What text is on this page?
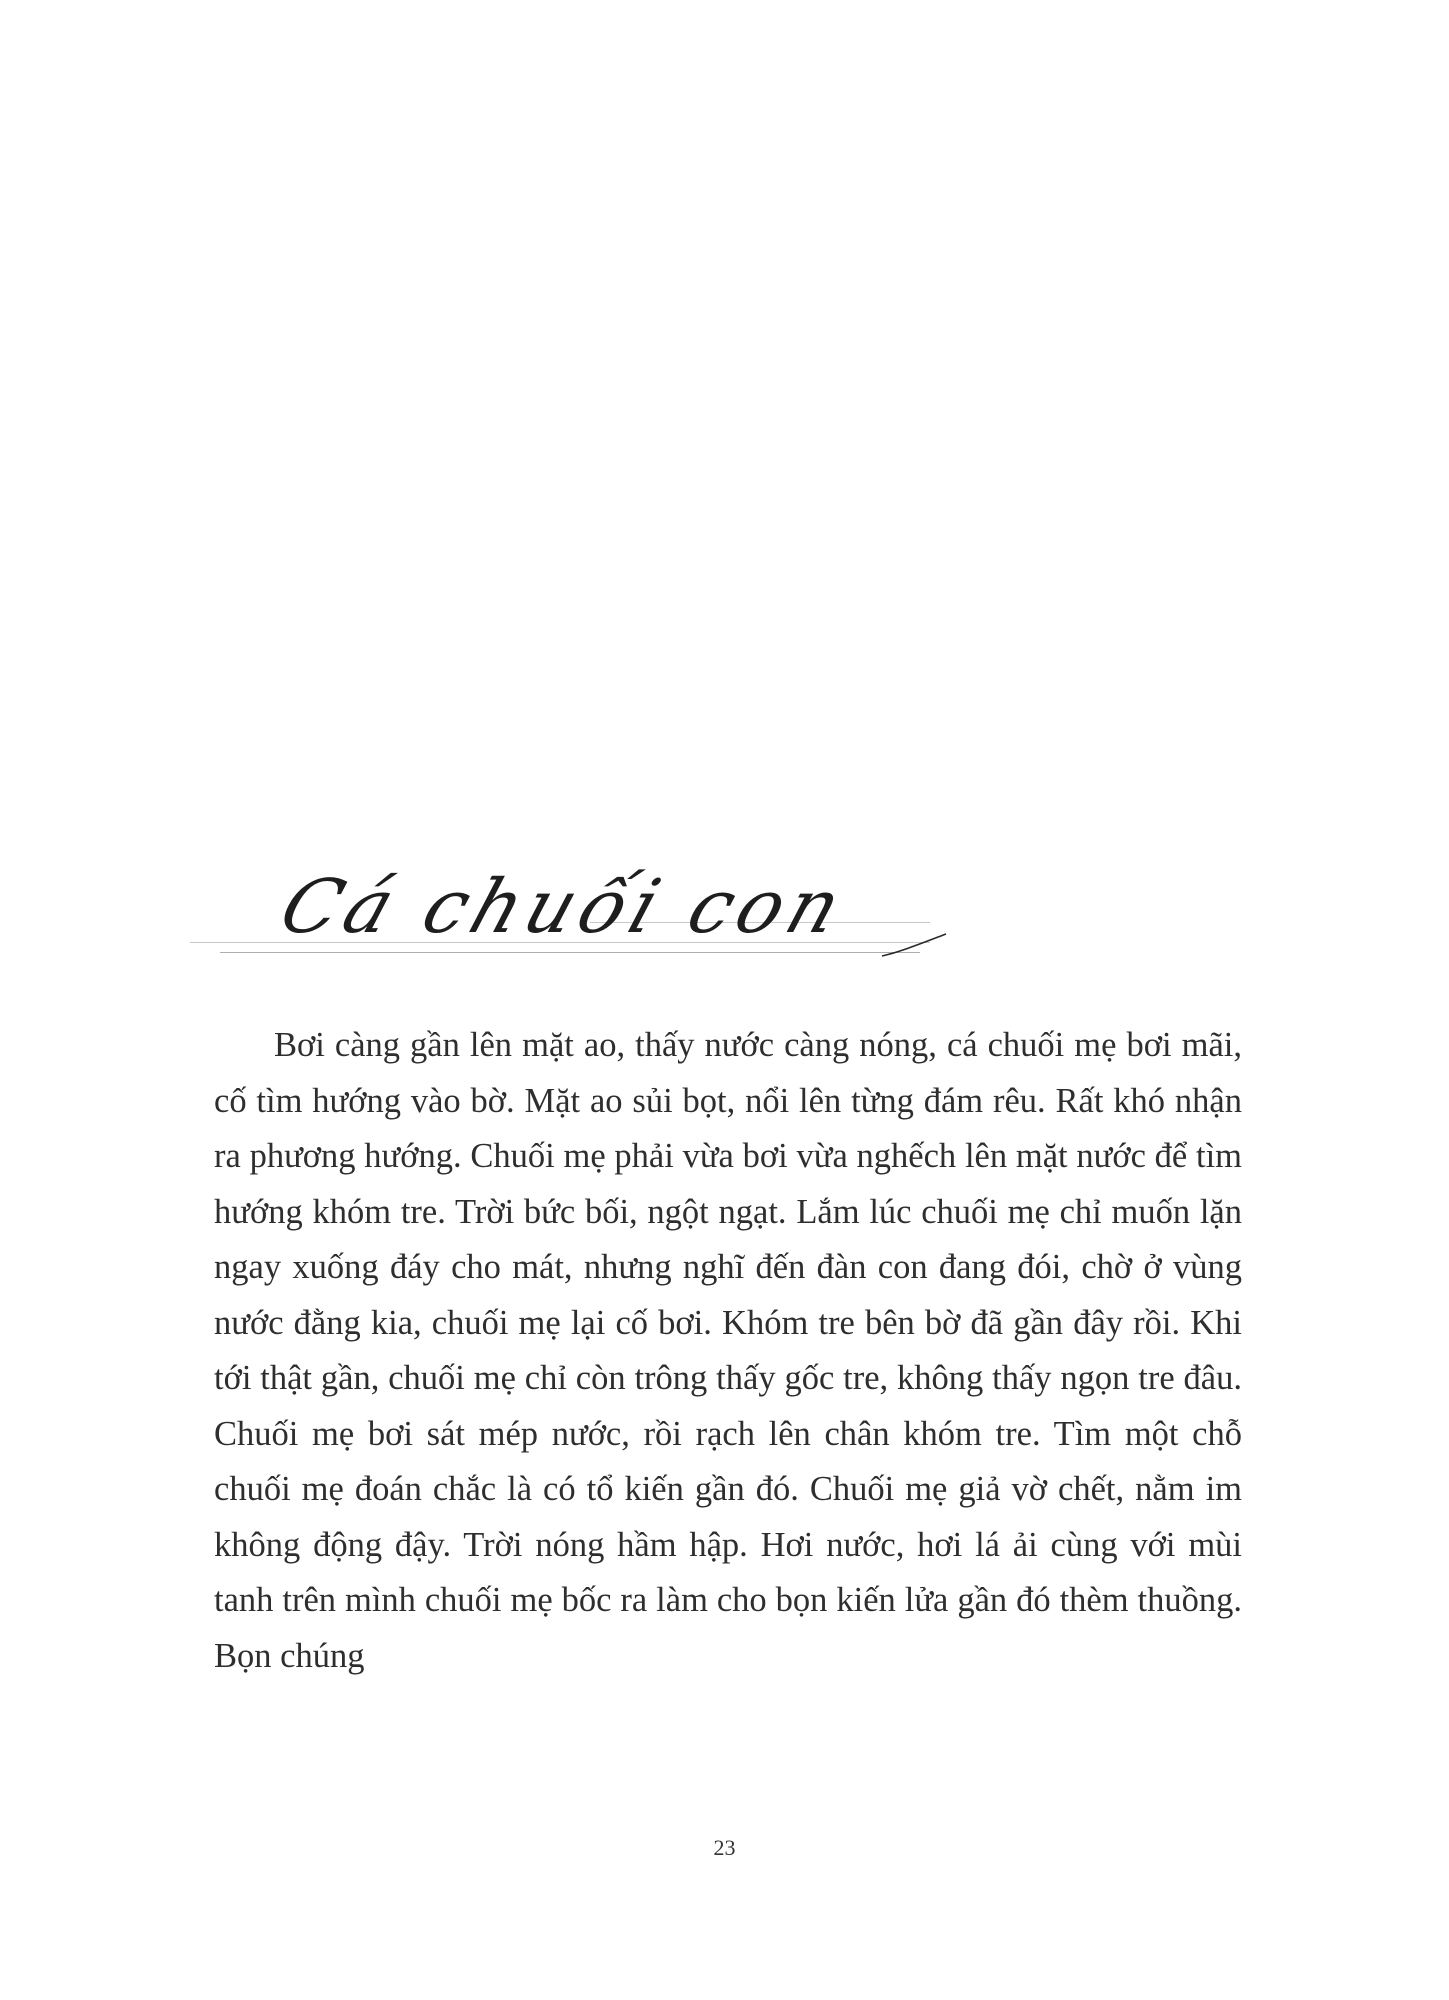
Cá chuối con

Bơi càng gần lên mặt ao, thấy nước càng nóng, cá chuối mẹ bơi mãi, cố tìm hướng vào bờ. Mặt ao sủi bọt, nổi lên từng đám rêu. Rất khó nhận ra phương hướng. Chuối mẹ phải vừa bơi vừa nghếch lên mặt nước để tìm hướng khóm tre. Trời bức bối, ngột ngạt. Lắm lúc chuối mẹ chỉ muốn lặn ngay xuống đáy cho mát, nhưng nghĩ đến đàn con đang đói, chờ ở vùng nước đằng kia, chuối mẹ lại cố bơi. Khóm tre bên bờ đã gần đây rồi. Khi tới thật gần, chuối mẹ chỉ còn trông thấy gốc tre, không thấy ngọn tre đâu. Chuối mẹ bơi sát mép nước, rồi rạch lên chân khóm tre. Tìm một chỗ chuối mẹ đoán chắc là có tổ kiến gần đó. Chuối mẹ giả vờ chết, nằm im không động đậy. Trời nóng hầm hập. Hơi nước, hơi lá ải cùng với mùi tanh trên mình chuối mẹ bốc ra làm cho bọn kiến lửa gần đó thèm thuồng. Bọn chúng

23
